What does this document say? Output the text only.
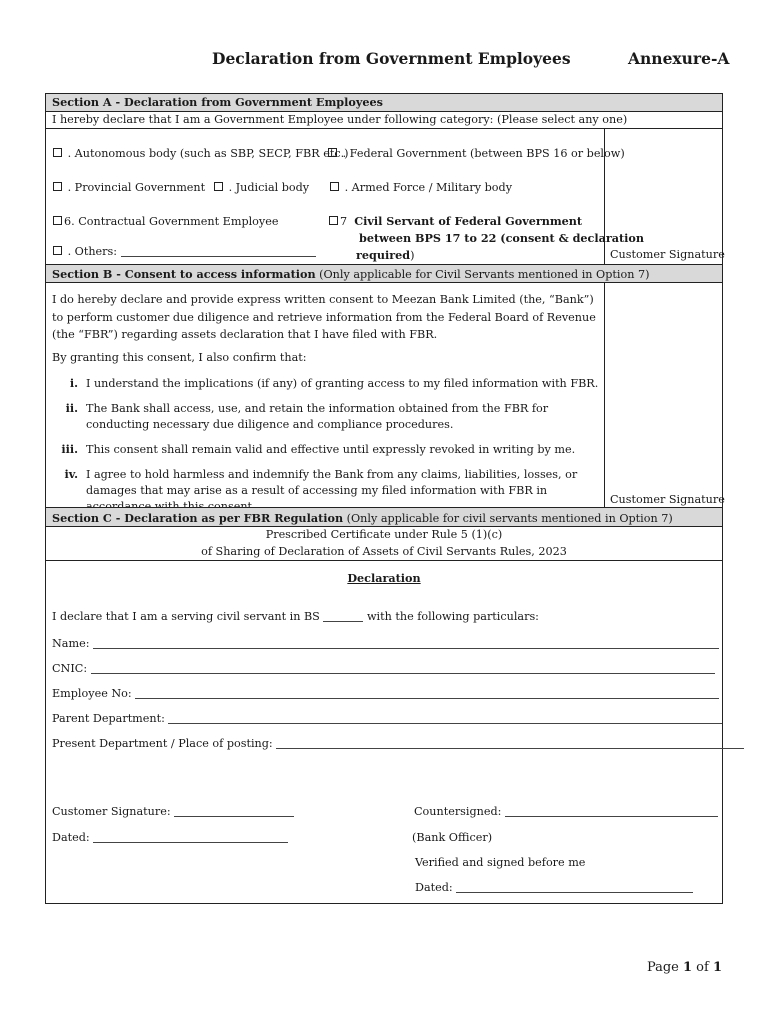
Declaration from Government Employees	Annexure-A
Section A - Declaration from Government Employees
I hereby declare that I am a Government Employee under following category: (Please select any one)
. Autonomous body (such as SBP, SECP, FBR etc.)
. Federal Government (between BPS 16 or below)
. Provincial Government	. Judicial body	. Armed Force / Military body
6. Contractual Government Employee	7 Civil Servant of Federal Government
between BPS 17 to 22 (consent & declaration
required)
. Others:	Customer Signature
Section B - Consent to access information (Only applicable for Civil Servants mentioned in Option 7)
I do hereby declare and provide express written consent to Meezan Bank Limited (the, “Bank”) to perform customer due diligence and retrieve information from the Federal Board of Revenue (the “FBR”) regarding assets declaration that I have filed with FBR.
By granting this consent, I also confirm that:
i. I understand the implications (if any) of granting access to my filed information with FBR.
ii. The Bank shall access, use, and retain the information obtained from the FBR for conducting necessary due diligence and compliance procedures.
iii. This consent shall remain valid and effective until expressly revoked in writing by me.
iv. I agree to hold harmless and indemnify the Bank from any claims, liabilities, losses, or damages that may arise as a result of accessing my filed information with FBR in
Customer Signature
Section C - Declaration as per FBR Regulation (Only applicable for civil servants mentioned in Option 7)
Prescribed Certificate under Rule 5 (1)(c)
of Sharing of Declaration of Assets of Civil Servants Rules, 2023
Declaration
I declare that I am a serving civil servant in BS	with the following particulars:
Name:
CNIC:
Employee No:
Parent Department:
Present Department / Place of posting:
Customer Signature:
Dated:
Countersigned:
(Bank Officer)
Verified and signed before me
Dated:
Page 1 of 1
